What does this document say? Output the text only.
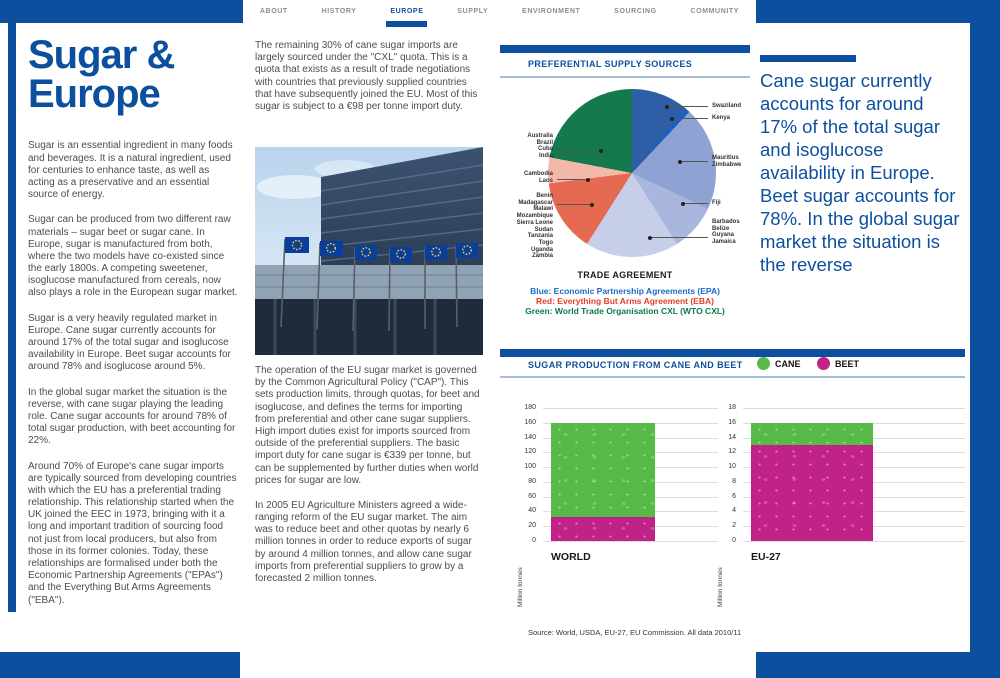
ABOUT	HISTORY	EUROPE	SUPPLY	ENVIRONMENT	SOURCING	COMMUNITY
Sugar &
Europe

Sugar is an essential ingredient in many foods and beverages. It is a natural ingredient, used for centuries to enhance taste, as well as acting as a preservative and an essential source of energy.

Sugar can be produced from two different raw materials – sugar beet or sugar cane. In Europe, sugar is manufactured from both, where the two models have co-existed since the early 1800s. A competing sweetener, isoglucose manufactured from cereals, now also plays a role in the European sugar market.

Sugar is a very heavily regulated market in Europe. Cane sugar currently accounts for around 17% of the total sugar and isoglucose availability in Europe. Beet sugar accounts for around 78% and isoglucose around 5%.

In the global sugar market the situation is the reverse, with cane sugar playing the leading role. Cane sugar accounts for around 78% of total sugar production, with beet accounting for 22%.

Around 70% of Europe's cane sugar imports are typically sourced from developing countries with which the EU has a preferential trading relationship. This relationship started when the UK joined the EEC in 1973, bringing with it a long and important tradition of sourcing food not just from local producers, but also from those in its former colonies. Today, these relationships are formalised under both the Economic Partnership Agreements ("EPAs") and the Everything But Arms Agreements ("EBA").

The remaining 30% of cane sugar imports are largely sourced under the "CXL" quota. This is a quota that exists as a result of trade negotiations with countries that previously supplied countries that have subsequently joined the EU. Most of this sugar is subject to a €98 per tonne import duty.

The operation of the EU sugar market is governed by the Common Agricultural Policy ("CAP"). This sets production limits, through quotas, for beet and isoglucose, and defines the terms for importing from preferential and other cane sugar suppliers. High import duties exist for imports sourced from outside of the preferential suppliers. The basic import duty for cane sugar is €339 per tonne, but can be supplemented by further duties when world prices for sugar are low.

In 2005 EU Agriculture Ministers agreed a wide-ranging reform of the EU sugar market. The aim was to reduce beet and other quotas by nearly 6 million tonnes in order to reduce exports of sugar by around 4 million tonnes, and allow cane sugar imports from preferential suppliers to grow by a forecasted 2 million tonnes.

PREFERENTIAL SUPPLY SOURCES
Australia
Brazil
Cuba
India
Cambodia
Laos
Benin
Madagascar
Malawi
Mozambique
Sierra Leone
Sudan
Tanzania
Togo
Uganda
Zambia
Swaziland
Kenya
Mauritius
Zimbabwe
Fiji
Barbados
Belize
Guyana
Jamaica
TRADE AGREEMENT
Blue: Economic Partnership Agreements (EPA)
Red: Everything But Arms Agreement (EBA)
Green: World Trade Organisation CXL (WTO CXL)
Cane sugar currently accounts for around 17% of the total sugar and isoglucose availability in Europe. Beet sugar accounts for 78%. In the global sugar market the situation is the reverse
SUGAR PRODUCTION FROM CANE AND BEET	CANE	BEET
180
160
140
120
100
80
60
40
20
0
WORLD
Million tonnes
18
16
14
12
10
8
6
4
2
0
EU-27
Million tonnes
Source: World, USDA, EU-27, EU Commission. All data 2010/11
